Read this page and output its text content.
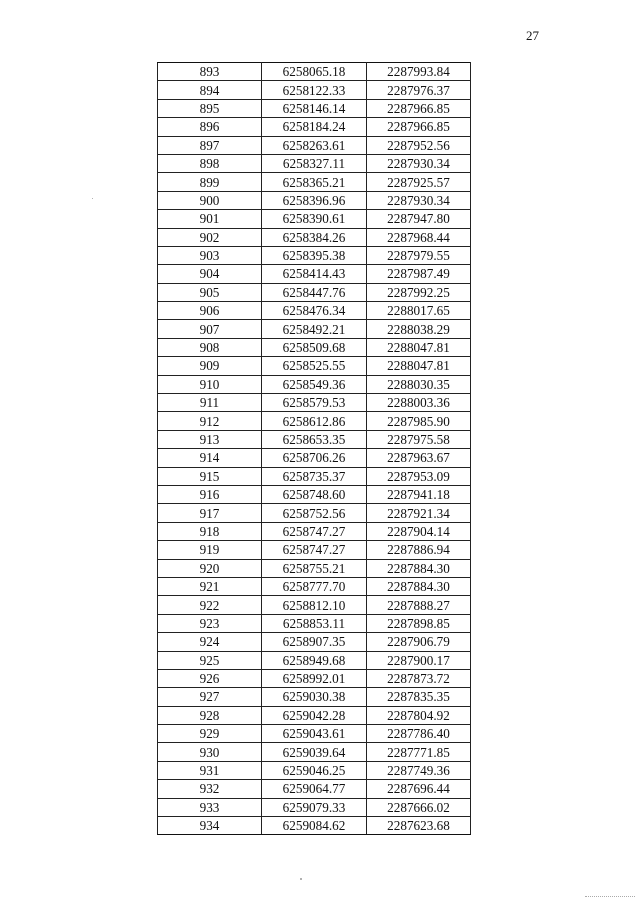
27
893	6258065.18	2287993.84
894	6258122.33	2287976.37
895	6258146.14	2287966.85
896	6258184.24	2287966.85
897	6258263.61	2287952.56
898	6258327.11	2287930.34
899	6258365.21	2287925.57
900	6258396.96	2287930.34
901	6258390.61	2287947.80
902	6258384.26	2287968.44
903	6258395.38	2287979.55
904	6258414.43	2287987.49
905	6258447.76	2287992.25
906	6258476.34	2288017.65
907	6258492.21	2288038.29
908	6258509.68	2288047.81
909	6258525.55	2288047.81
910	6258549.36	2288030.35
911	6258579.53	2288003.36
912	6258612.86	2287985.90
913	6258653.35	2287975.58
914	6258706.26	2287963.67
915	6258735.37	2287953.09
916	6258748.60	2287941.18
917	6258752.56	2287921.34
918	6258747.27	2287904.14
919	6258747.27	2287886.94
920	6258755.21	2287884.30
921	6258777.70	2287884.30
922	6258812.10	2287888.27
923	6258853.11	2287898.85
924	6258907.35	2287906.79
925	6258949.68	2287900.17
926	6258992.01	2287873.72
927	6259030.38	2287835.35
928	6259042.28	2287804.92
929	6259043.61	2287786.40
930	6259039.64	2287771.85
931	6259046.25	2287749.36
932	6259064.77	2287696.44
933	6259079.33	2287666.02
934	6259084.62	2287623.68
